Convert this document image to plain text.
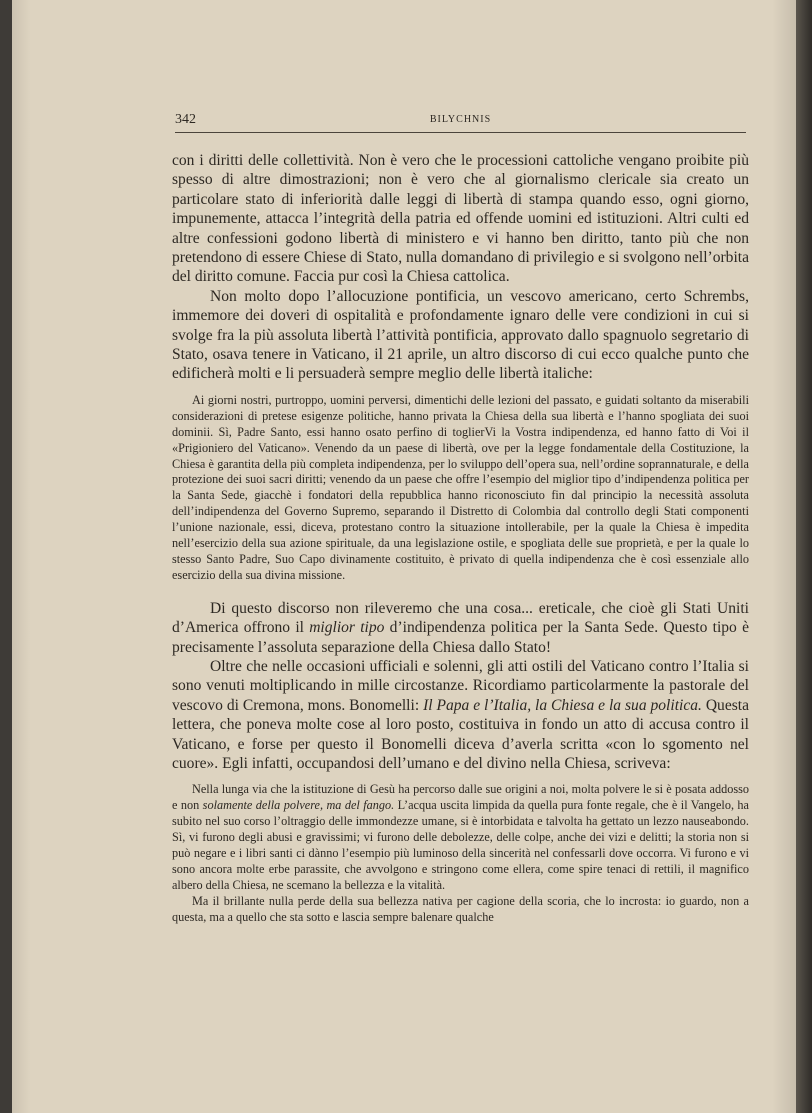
342	BILYCHNIS

con i diritti delle collettività. Non è vero che le processioni cattoliche vengano proibite più spesso di altre dimostrazioni; non è vero che al giornalismo clericale sia creato un particolare stato di inferiorità dalle leggi di libertà di stampa quando esso, ogni giorno, impunemente, attacca l’integrità della patria ed offende uomini ed istituzioni. Altri culti ed altre confessioni godono libertà di ministero e vi hanno ben diritto, tanto più che non pretendono di essere Chiese di Stato, nulla domandano di privilegio e si svolgono nell’orbita del diritto comune. Faccia pur così la Chiesa cattolica.

Non molto dopo l’allocuzione pontificia, un vescovo americano, certo Schrembs, immemore dei doveri di ospitalità e profondamente ignaro delle vere condizioni in cui si svolge fra la più assoluta libertà l’attività pontificia, approvato dallo spagnuolo segretario di Stato, osava tenere in Vaticano, il 21 aprile, un altro discorso di cui ecco qualche punto che edificherà molti e li persuaderà sempre meglio delle libertà italiche:

Ai giorni nostri, purtroppo, uomini perversi, dimentichi delle lezioni del passato, e guidati soltanto da miserabili considerazioni di pretese esigenze politiche, hanno privata la Chiesa della sua libertà e l’hanno spogliata dei suoi dominii. Sì, Padre Santo, essi hanno osato perfino di toglierVi la Vostra indipendenza, ed hanno fatto di Voi il «Prigioniero del Vaticano». Venendo da un paese di libertà, ove per la legge fondamentale della Costituzione, la Chiesa è garantita della più completa indipendenza, per lo sviluppo dell’opera sua, nell’ordine soprannaturale, e della protezione dei suoi sacri diritti; venendo da un paese che offre l’esempio del miglior tipo d’indipendenza politica per la Santa Sede, giacchè i fondatori della repubblica hanno riconosciuto fin dal principio la necessità assoluta dell’indipendenza del Governo Supremo, separando il Distretto di Colombia dal controllo degli Stati componenti l’unione nazionale, essi, diceva, protestano contro la situazione intollerabile, per la quale la Chiesa è impedita nell’esercizio della sua azione spirituale, da una legislazione ostile, e spogliata delle sue proprietà, e per la quale lo stesso Santo Padre, Suo Capo divinamente costituito, è privato di quella indipendenza che è così essenziale allo esercizio della sua divina missione.

Di questo discorso non rileveremo che una cosa... ereticale, che cioè gli Stati Uniti d’America offrono il miglior tipo d’indipendenza politica per la Santa Sede. Questo tipo è precisamente l’assoluta separazione della Chiesa dallo Stato!

Oltre che nelle occasioni ufficiali e solenni, gli atti ostili del Vaticano contro l’Italia si sono venuti moltiplicando in mille circostanze. Ricordiamo particolarmente la pastorale del vescovo di Cremona, mons. Bonomelli: Il Papa e l’Italia, la Chiesa e la sua politica. Questa lettera, che poneva molte cose al loro posto, costituiva in fondo un atto di accusa contro il Vaticano, e forse per questo il Bonomelli diceva d’averla scritta «con lo sgomento nel cuore». Egli infatti, occupandosi dell’umano e del divino nella Chiesa, scriveva:

Nella lunga via che la istituzione di Gesù ha percorso dalle sue origini a noi, molta polvere le si è posata addosso e non solamente della polvere, ma del fango. L’acqua uscita limpida da quella pura fonte regale, che è il Vangelo, ha subito nel suo corso l’oltraggio delle immondezze umane, si è intorbidata e talvolta ha gettato un lezzo nauseabondo. Sì, vi furono degli abusi e gravissimi; vi furono delle debolezze, delle colpe, anche dei vizi e delitti; la storia non si può negare e i libri santi ci dànno l’esempio più luminoso della sincerità nel confessarli dove occorra. Vi furono e vi sono ancora molte erbe parassite, che avvolgono e stringono come ellera, come spire tenaci di rettili, il magnifico albero della Chiesa, ne scemano la bellezza e la vitalità.

Ma il brillante nulla perde della sua bellezza nativa per cagione della scoria, che lo incrosta: io guardo, non a questa, ma a quello che sta sotto e lascia sempre balenare qualche
